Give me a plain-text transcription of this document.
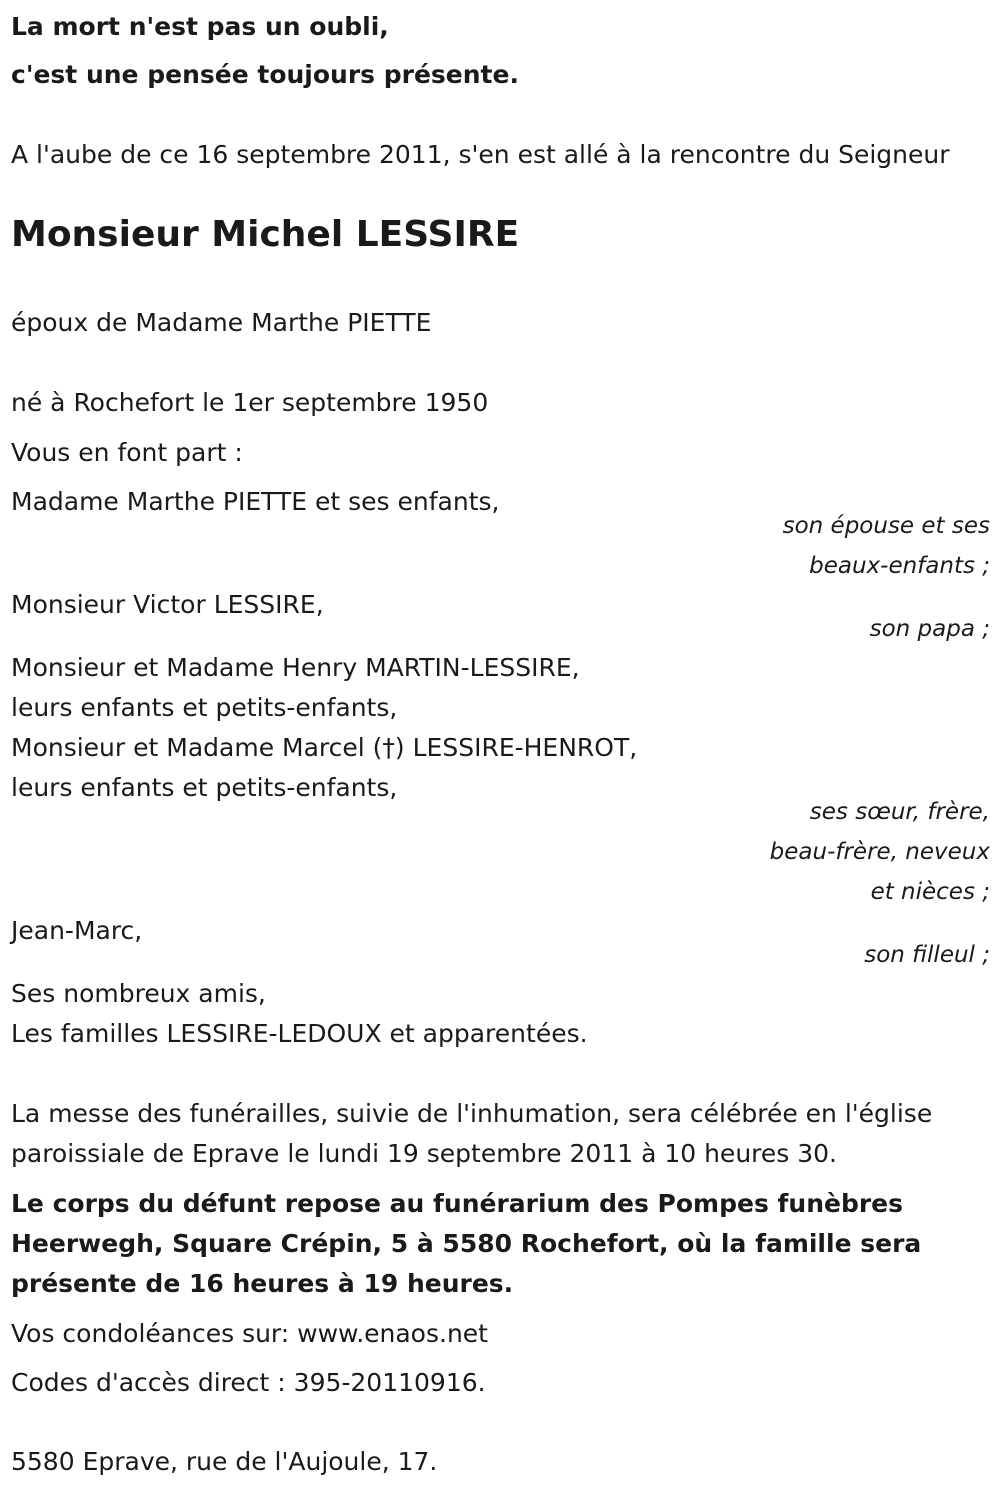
La mort n'est pas un oubli,
c'est une pensée toujours présente.
A l'aube de ce 16 septembre 2011, s'en est allé à la rencontre du Seigneur
Monsieur Michel LESSIRE
époux de Madame Marthe PIETTE
né à Rochefort le 1er septembre 1950
Vous en font part :
Madame Marthe PIETTE et ses enfants,
son épouse et ses
beaux-enfants ;
Monsieur Victor LESSIRE,
son papa ;
Monsieur et Madame Henry MARTIN-LESSIRE,
leurs enfants et petits-enfants,
Monsieur et Madame Marcel (†) LESSIRE-HENROT,
leurs enfants et petits-enfants,
ses sœur, frère,
beau-frère, neveux
et nièces ;
Jean-Marc,
son filleul ;
Ses nombreux amis,
Les familles LESSIRE-LEDOUX et apparentées.
La messe des funérailles, suivie de l'inhumation, sera célébrée en l'église
paroissiale de Eprave le lundi 19 septembre 2011 à 10 heures 30.
Le corps du défunt repose au funérarium des Pompes funèbres
Heerwegh, Square Crépin, 5 à 5580 Rochefort, où la famille sera
présente de 16 heures à 19 heures.
Vos condoléances sur: www.enaos.net
Codes d'accès direct : 395-20110916.
5580 Eprave, rue de l'Aujoule, 17.
